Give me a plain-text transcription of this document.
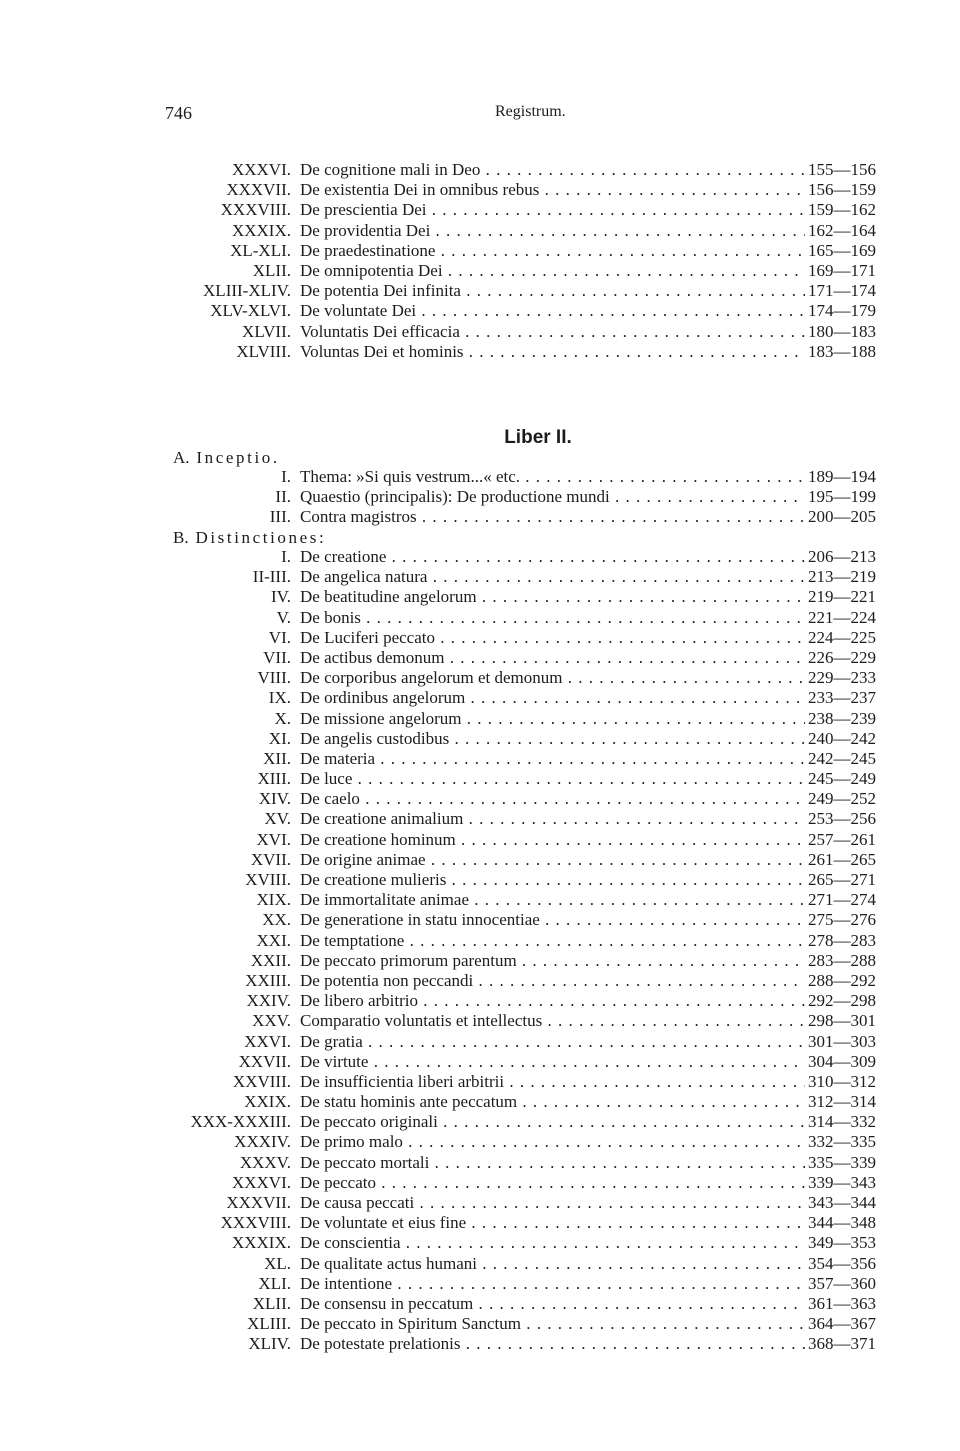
746	Registrum.
XXXVI. De cognitione mali in Deo . . .	155—156
XXXVII. De existentia Dei in omnibus rebus . . .	156—159
XXXVIII. De prescientia Dei . . .	159—162
XXXIX. De providentia Dei . . .	162—164
XL-XLI. De praedestinatione . . .	165—169
XLII. De omnipotentia Dei . . .	169—171
XLIII-XLIV. De potentia Dei infinita . . .	171—174
XLV-XLVI. De voluntate Dei . . .	174—179
XLVII. Voluntatis Dei efficacia . . .	180—183
XLVIII. Voluntas Dei et hominis . . .	183—188
Liber II.
A. Inceptio.
I. Thema: »Si quis vestrum...« etc. . . .	189—194
II. Quaestio (principalis): De productione mundi . . .	195—199
III. Contra magistros . . .	200—205
B. Distinctiones:
I. De creatione . . .	206—213
II-III. De angelica natura . . .	213—219
IV. De beatitudine angelorum . . .	219—221
V. De bonis . . .	221—224
VI. De Luciferi peccato . . .	224—225
VII. De actibus demonum . . .	226—229
VIII. De corporibus angelorum et demonum . . .	229—233
IX. De ordinibus angelorum . . .	233—237
X. De missione angelorum . . .	238—239
XI. De angelis custodibus . . .	240—242
XII. De materia . . .	242—245
XIII. De luce . . .	245—249
XIV. De caelo . . .	249—252
XV. De creatione animalium . . .	253—256
XVI. De creatione hominum . . .	257—261
XVII. De origine animae . . .	261—265
XVIII. De creatione mulieris . . .	265—271
XIX. De immortalitate animae . . .	271—274
XX. De generatione in statu innocentiae . . .	275—276
XXI. De temptatione . . .	278—283
XXII. De peccato primorum parentum . . .	283—288
XXIII. De potentia non peccandi . . .	288—292
XXIV. De libero arbitrio . . .	292—298
XXV. Comparatio voluntatis et intellectus . . .	298—301
XXVI. De gratia . . .	301—303
XXVII. De virtute . . .	304—309
XXVIII. De insufficientia liberi arbitrii . . .	310—312
XXIX. De statu hominis ante peccatum . . .	312—314
XXX-XXXIII. De peccato originali . . .	314—332
XXXIV. De primo malo . . .	332—335
XXXV. De peccato mortali . . .	335—339
XXXVI. De peccato . . .	339—343
XXXVII. De causa peccati . . .	343—344
XXXVIII. De voluntate et eius fine . . .	344—348
XXXIX. De conscientia . . .	349—353
XL. De qualitate actus humani . . .	354—356
XLI. De intentione . . .	357—360
XLII. De consensu in peccatum . . .	361—363
XLIII. De peccato in Spiritum Sanctum . . .	364—367
XLIV. De potestate prelationis . . .	368—371
